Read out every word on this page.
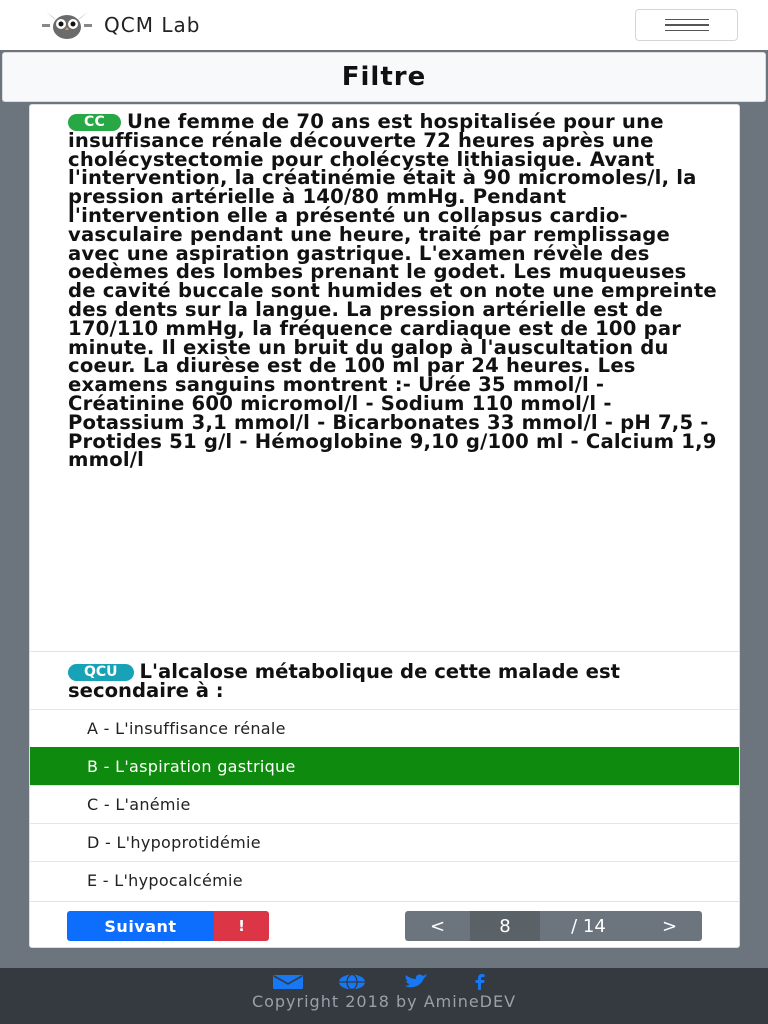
QCM Lab
Filtre
CC Une femme de 70 ans est hospitalisée pour une insuffisance rénale découverte 72 heures après une cholécystectomie pour cholécyste lithiasique. Avant l'intervention, la créatinémie était à 90 micromoles/l, la pression artérielle à 140/80 mmHg. Pendant l'intervention elle a présenté un collapsus cardio-vasculaire pendant une heure, traité par remplissage avec une aspiration gastrique. L'examen révèle des oedèmes des lombes prenant le godet. Les muqueuses de cavité buccale sont humides et on note une empreinte des dents sur la langue. La pression artérielle est de 170/110 mmHg, la fréquence cardiaque est de 100 par minute. Il existe un bruit du galop à l'auscultation du coeur. La diurèse est de 100 ml par 24 heures. Les examens sanguins montrent :- Urée 35 mmol/l - Créatinine 600 micromol/l - Sodium 110 mmol/l - Potassium 3,1 mmol/l - Bicarbonates 33 mmol/l - pH 7,5 - Protides 51 g/l - Hémoglobine 9,10 g/100 ml - Calcium 1,9 mmol/l
QCU L'alcalose métabolique de cette malade est secondaire à :
A - L'insuffisance rénale
B - L'aspiration gastrique
C - L'anémie
D - L'hypoprotidémie
E - L'hypocalcémie
Suivant	!	<	8	/ 14	>
Copyright 2018 by AmineDEV
